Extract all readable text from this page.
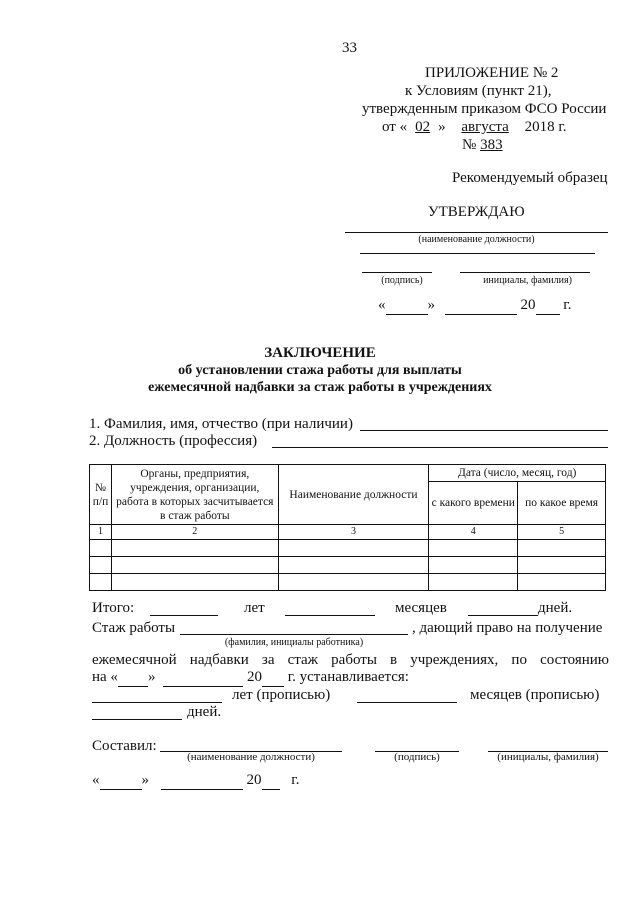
33
ПРИЛОЖЕНИЕ № 2
к Условиям (пункт 21),
утвержденным приказом ФСО России
от « 02 » августа 2018 г.
№ 383
Рекомендуемый образец
УТВЕРЖДАЮ
(наименование должности)
(подпись)	инициалы, фамилия)
«	»	20 г.
ЗАКЛЮЧЕНИЕ
об установлении стажа работы для выплаты
ежемесячной надбавки за стаж работы в учреждениях
1. Фамилия, имя, отчество (при наличии)
2. Должность (профессия)
№ п/п	Органы, предприятия, учреждения, организации, работа в которых засчитывается в стаж работы	Наименование должности	Дата (число, месяц, год)	
			с какого времени	по какое время
1	2	3	4	5

Итого:	лет	месяцев	дней.
Стаж работы	, дающий право на получение
(фамилия, инициалы работника)
ежемесячной надбавки за стаж работы в учреждениях, по состоянию
на « »	20 г. устанавливается:
лет (прописью)	месяцев (прописью)
дней.
Составил:
(наименование должности)	(подпись)	(инициалы, фамилия)
«	»	20 г.
